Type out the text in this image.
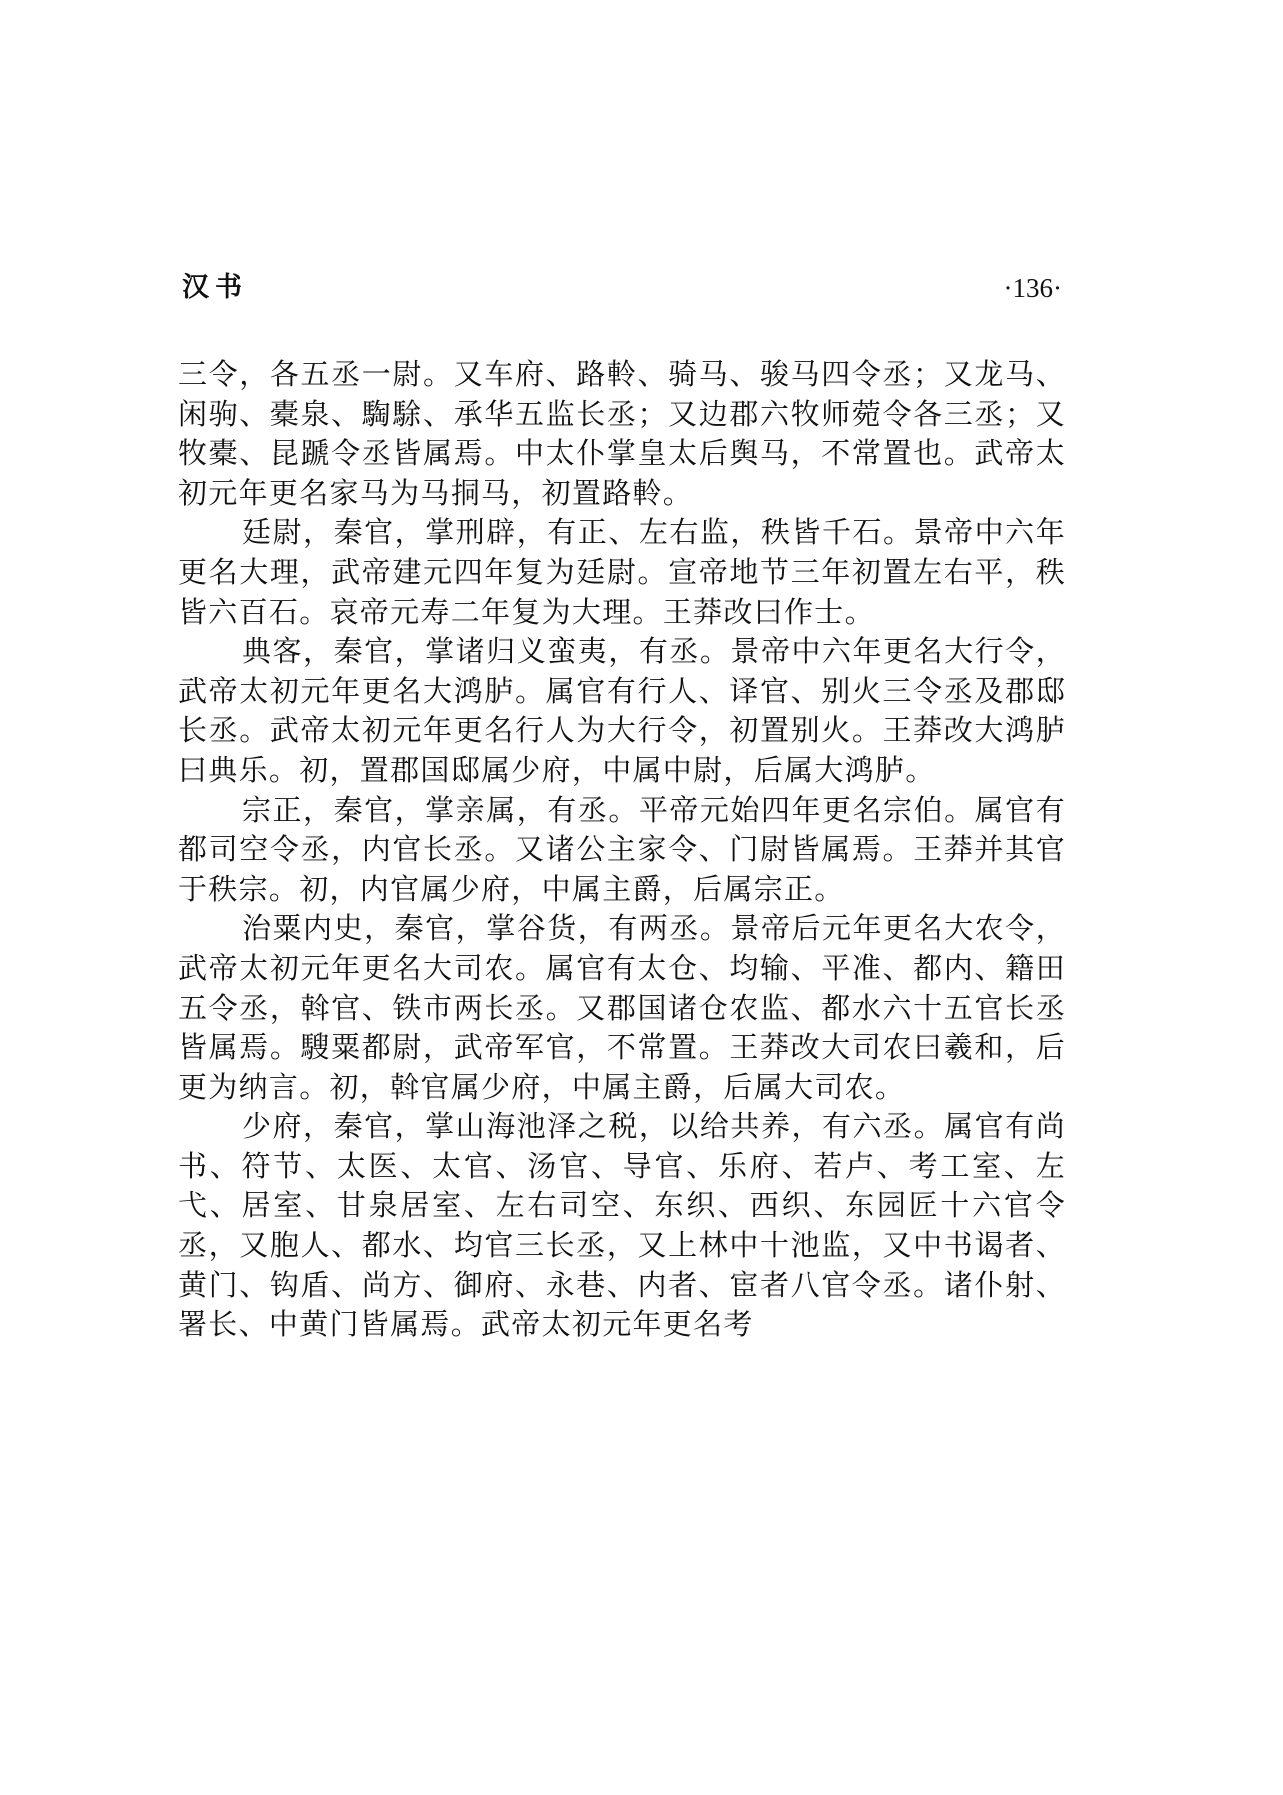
汉书	·136·

三令，各五丞一尉。又车府、路軨、骑马、骏马四令丞；又龙马、闲驹、橐泉、騊駼、承华五监长丞；又边郡六牧师菀令各三丞；又牧橐、昆蹏令丞皆属焉。中太仆掌皇太后舆马，不常置也。武帝太初元年更名家马为马挏马，初置路軨。

廷尉，秦官，掌刑辟，有正、左右监，秩皆千石。景帝中六年更名大理，武帝建元四年复为廷尉。宣帝地节三年初置左右平，秩皆六百石。哀帝元寿二年复为大理。王莽改曰作士。

典客，秦官，掌诸归义蛮夷，有丞。景帝中六年更名大行令，武帝太初元年更名大鸿胪。属官有行人、译官、别火三令丞及郡邸长丞。武帝太初元年更名行人为大行令，初置别火。王莽改大鸿胪曰典乐。初，置郡国邸属少府，中属中尉，后属大鸿胪。

宗正，秦官，掌亲属，有丞。平帝元始四年更名宗伯。属官有都司空令丞，内官长丞。又诸公主家令、门尉皆属焉。王莽并其官于秩宗。初，内官属少府，中属主爵，后属宗正。

治粟内史，秦官，掌谷货，有两丞。景帝后元年更名大农令，武帝太初元年更名大司农。属官有太仓、均输、平准、都内、籍田五令丞，斡官、铁市两长丞。又郡国诸仓农监、都水六十五官长丞皆属焉。騪粟都尉，武帝军官，不常置。王莽改大司农曰羲和，后更为纳言。初，斡官属少府，中属主爵，后属大司农。

少府，秦官，掌山海池泽之税，以给共养，有六丞。属官有尚书、符节、太医、太官、汤官、导官、乐府、若卢、考工室、左弋、居室、甘泉居室、左右司空、东织、西织、东园匠十六官令丞，又胞人、都水、均官三长丞，又上林中十池监，又中书谒者、黄门、钩盾、尚方、御府、永巷、内者、宦者八官令丞。诸仆射、署长、中黄门皆属焉。武帝太初元年更名考
